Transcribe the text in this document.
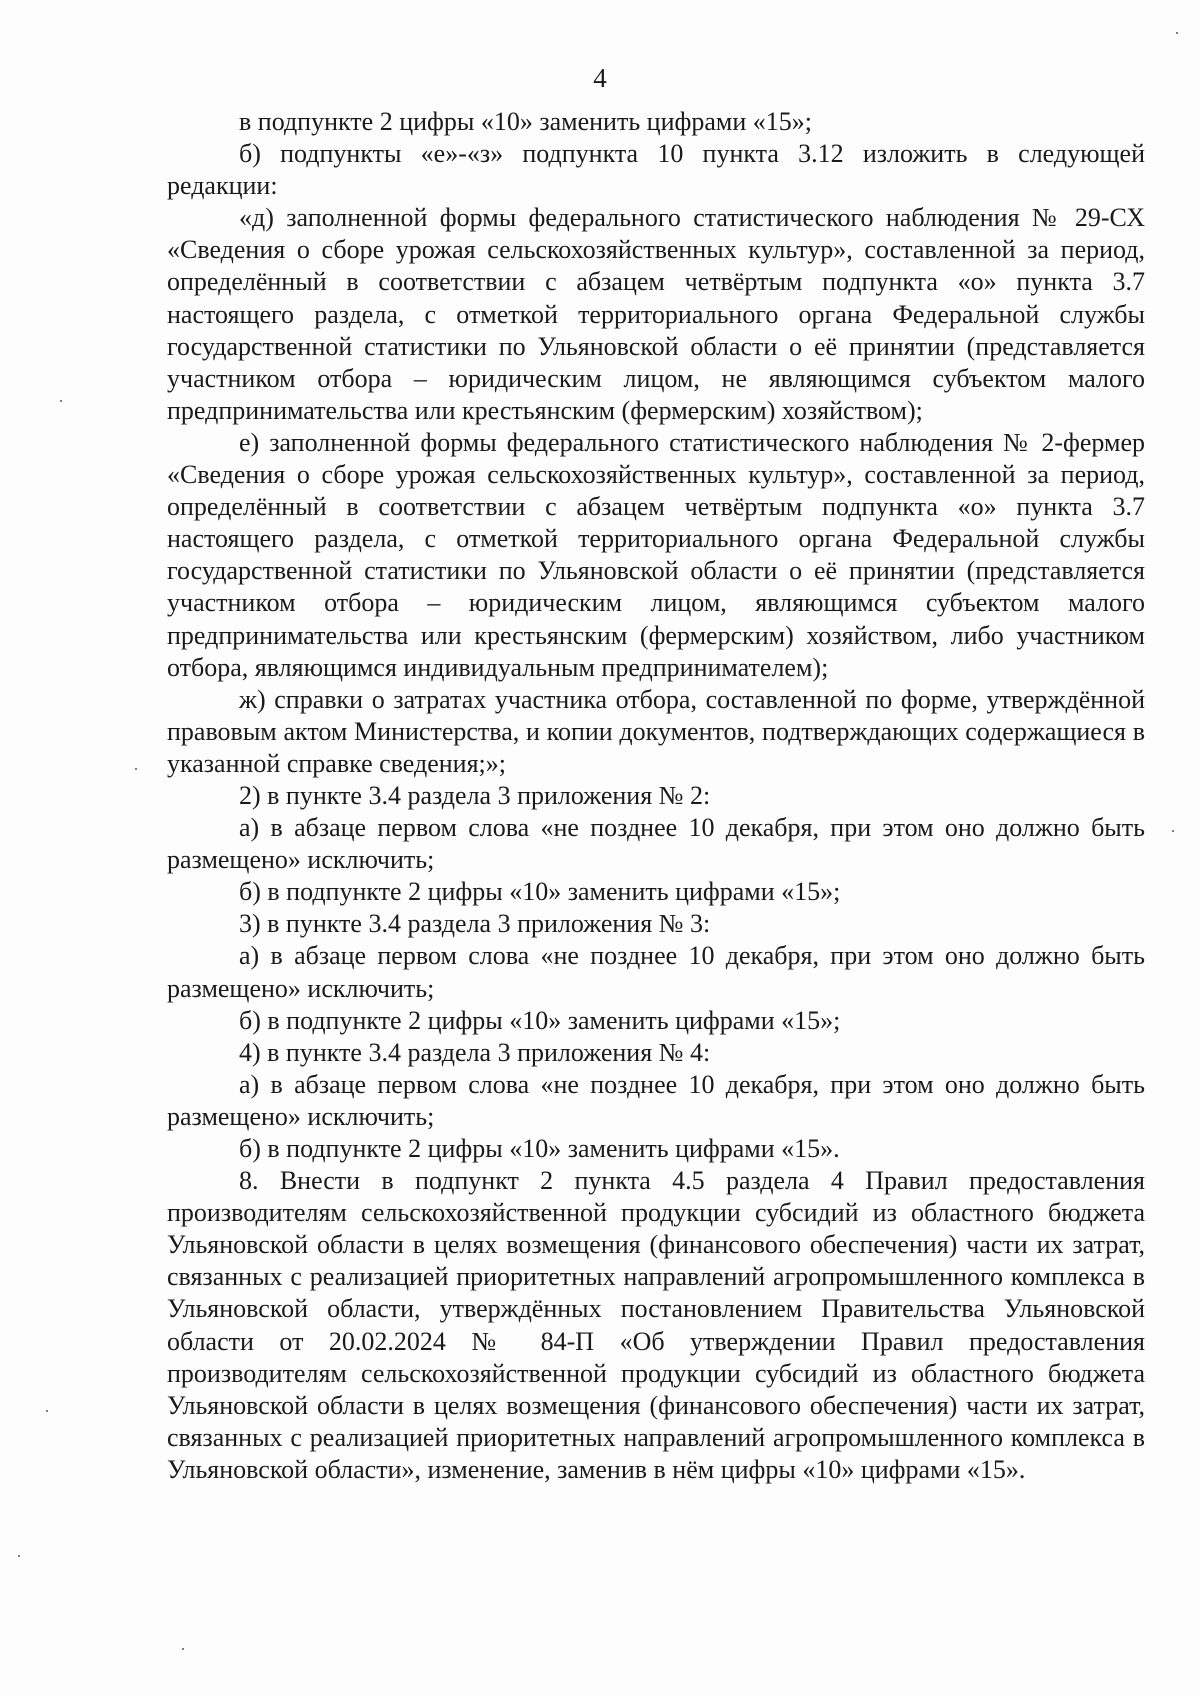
4

в подпункте 2 цифры «10» заменить цифрами «15»;

б) подпункты «е»-«з» подпункта 10 пункта 3.12 изложить в следующей редакции:

«д) заполненной формы федерального статистического наблюдения № 29-СХ «Сведения о сборе урожая сельскохозяйственных культур», составленной за период, определённый в соответствии с абзацем четвёртым подпункта «о» пункта 3.7 настоящего раздела, с отметкой территориального органа Федеральной службы государственной статистики по Ульяновской области о её принятии (представляется участником отбора – юридическим лицом, не являющимся субъектом малого предпринимательства или крестьянским (фермерским) хозяйством);

е) заполненной формы федерального статистического наблюдения № 2-фермер «Сведения о сборе урожая сельскохозяйственных культур», составленной за период, определённый в соответствии с абзацем четвёртым подпункта «о» пункта 3.7 настоящего раздела, с отметкой территориального органа Федеральной службы государственной статистики по Ульяновской области о её принятии (представляется участником отбора – юридическим лицом, являющимся субъектом малого предпринимательства или крестьянским (фермерским) хозяйством, либо участником отбора, являющимся индивидуальным предпринимателем);

ж) справки о затратах участника отбора, составленной по форме, утверждённой правовым актом Министерства, и копии документов, подтверждающих содержащиеся в указанной справке сведения;»;

2) в пункте 3.4 раздела 3 приложения № 2:

а) в абзаце первом слова «не позднее 10 декабря, при этом оно должно быть размещено» исключить;

б) в подпункте 2 цифры «10» заменить цифрами «15»;

3) в пункте 3.4 раздела 3 приложения № 3:

а) в абзаце первом слова «не позднее 10 декабря, при этом оно должно быть размещено» исключить;

б) в подпункте 2 цифры «10» заменить цифрами «15»;

4) в пункте 3.4 раздела 3 приложения № 4:

а) в абзаце первом слова «не позднее 10 декабря, при этом оно должно быть размещено» исключить;

б) в подпункте 2 цифры «10» заменить цифрами «15».

8. Внести в подпункт 2 пункта 4.5 раздела 4 Правил предоставления производителям сельскохозяйственной продукции субсидий из областного бюджета Ульяновской области в целях возмещения (финансового обеспечения) части их затрат, связанных с реализацией приоритетных направлений агропромышленного комплекса в Ульяновской области, утверждённых постановлением Правительства Ульяновской области от 20.02.2024 № 84-П «Об утверждении Правил предоставления производителям сельскохозяйственной продукции субсидий из областного бюджета Ульяновской области в целях возмещения (финансового обеспечения) части их затрат, связанных с реализацией приоритетных направлений агропромышленного комплекса в Ульяновской области», изменение, заменив в нём цифры «10» цифрами «15».
